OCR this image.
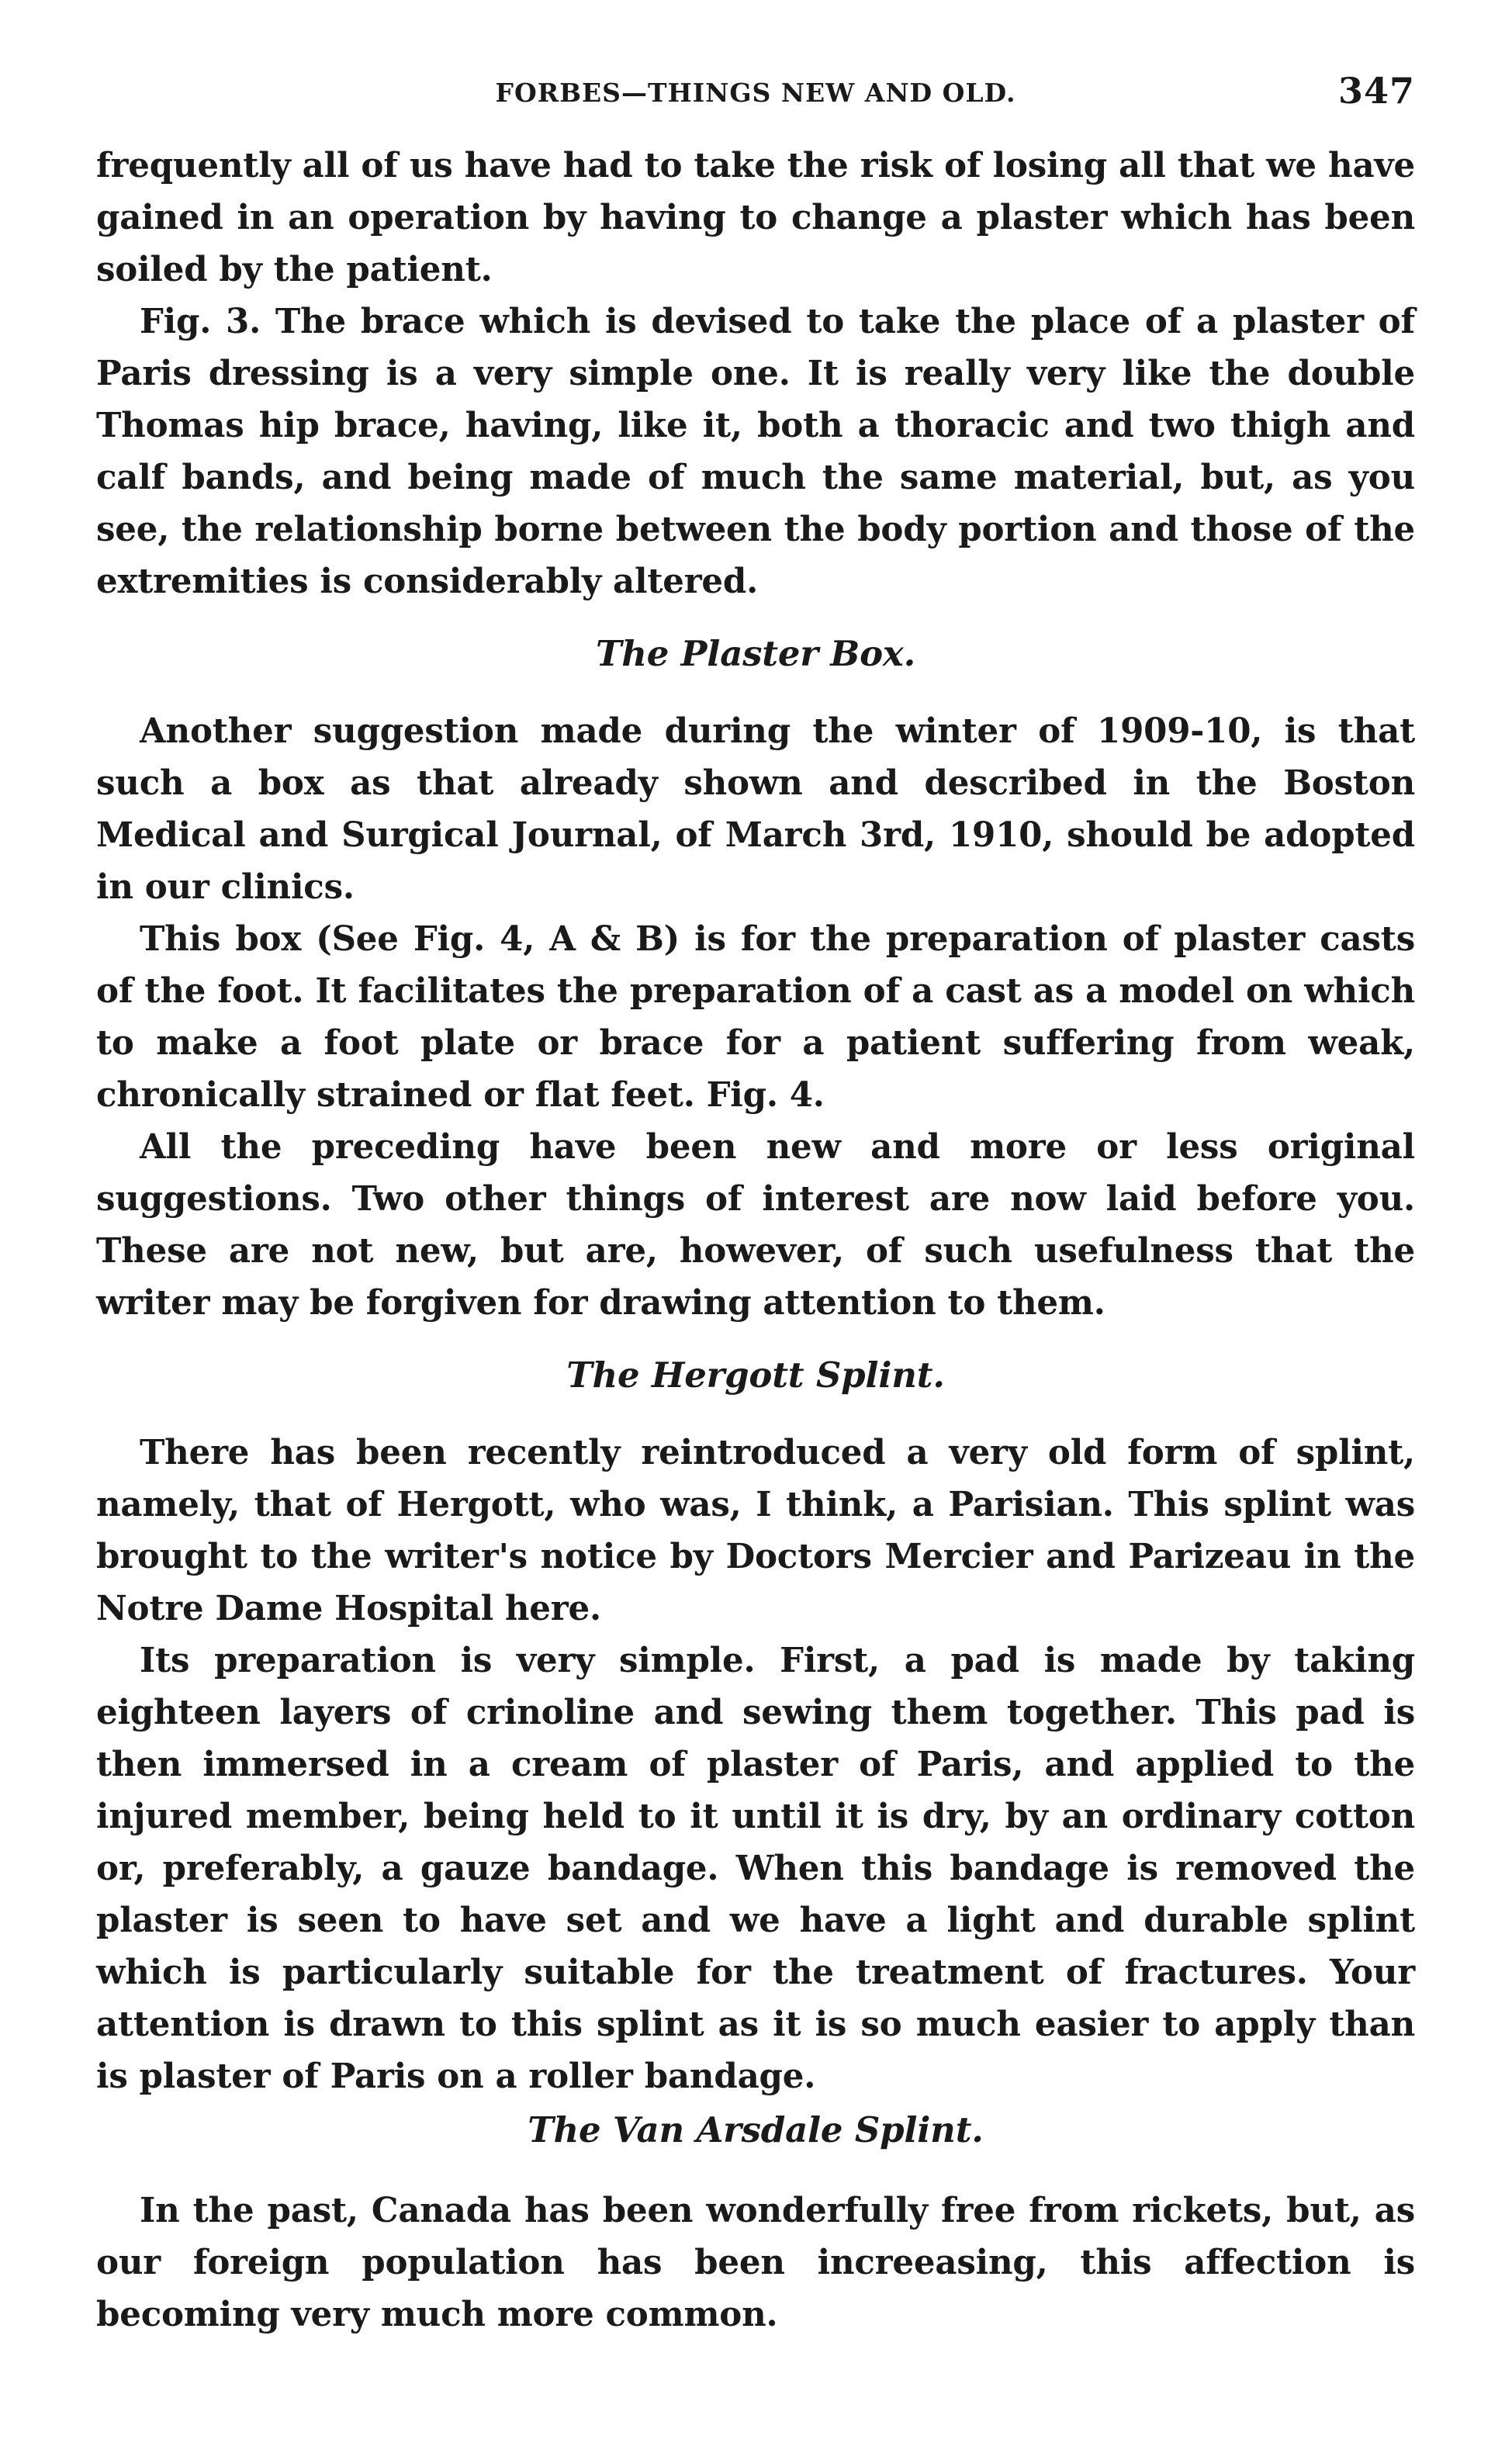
FORBES—THINGS NEW AND OLD.	347

frequently all of us have had to take the risk of losing all that we have gained in an operation by having to change a plaster which has been soiled by the patient.

Fig. 3. The brace which is devised to take the place of a plaster of Paris dressing is a very simple one. It is really very like the double Thomas hip brace, having, like it, both a thoracic and two thigh and calf bands, and being made of much the same material, but, as you see, the relationship borne between the body portion and those of the extremities is considerably altered.

The Plaster Box.

Another suggestion made during the winter of 1909-10, is that such a box as that already shown and described in the Boston Medical and Surgical Journal, of March 3rd, 1910, should be adopted in our clinics.

This box (See Fig. 4, A & B) is for the preparation of plaster casts of the foot. It facilitates the preparation of a cast as a model on which to make a foot plate or brace for a patient suffering from weak, chronically strained or flat feet. Fig. 4.

All the preceding have been new and more or less original suggestions. Two other things of interest are now laid before you. These are not new, but are, however, of such usefulness that the writer may be forgiven for drawing attention to them.

The Hergott Splint.

There has been recently reintroduced a very old form of splint, namely, that of Hergott, who was, I think, a Parisian. This splint was brought to the writer's notice by Doctors Mercier and Parizeau in the Notre Dame Hospital here.

Its preparation is very simple. First, a pad is made by taking eighteen layers of crinoline and sewing them together. This pad is then immersed in a cream of plaster of Paris, and applied to the injured member, being held to it until it is dry, by an ordinary cotton or, preferably, a gauze bandage. When this bandage is removed the plaster is seen to have set and we have a light and durable splint which is particularly suitable for the treatment of fractures. Your attention is drawn to this splint as it is so much easier to apply than is plaster of Paris on a roller bandage.

The Van Arsdale Splint.

In the past, Canada has been wonderfully free from rickets, but, as our foreign population has been increeasing, this affection is becoming very much more common.
